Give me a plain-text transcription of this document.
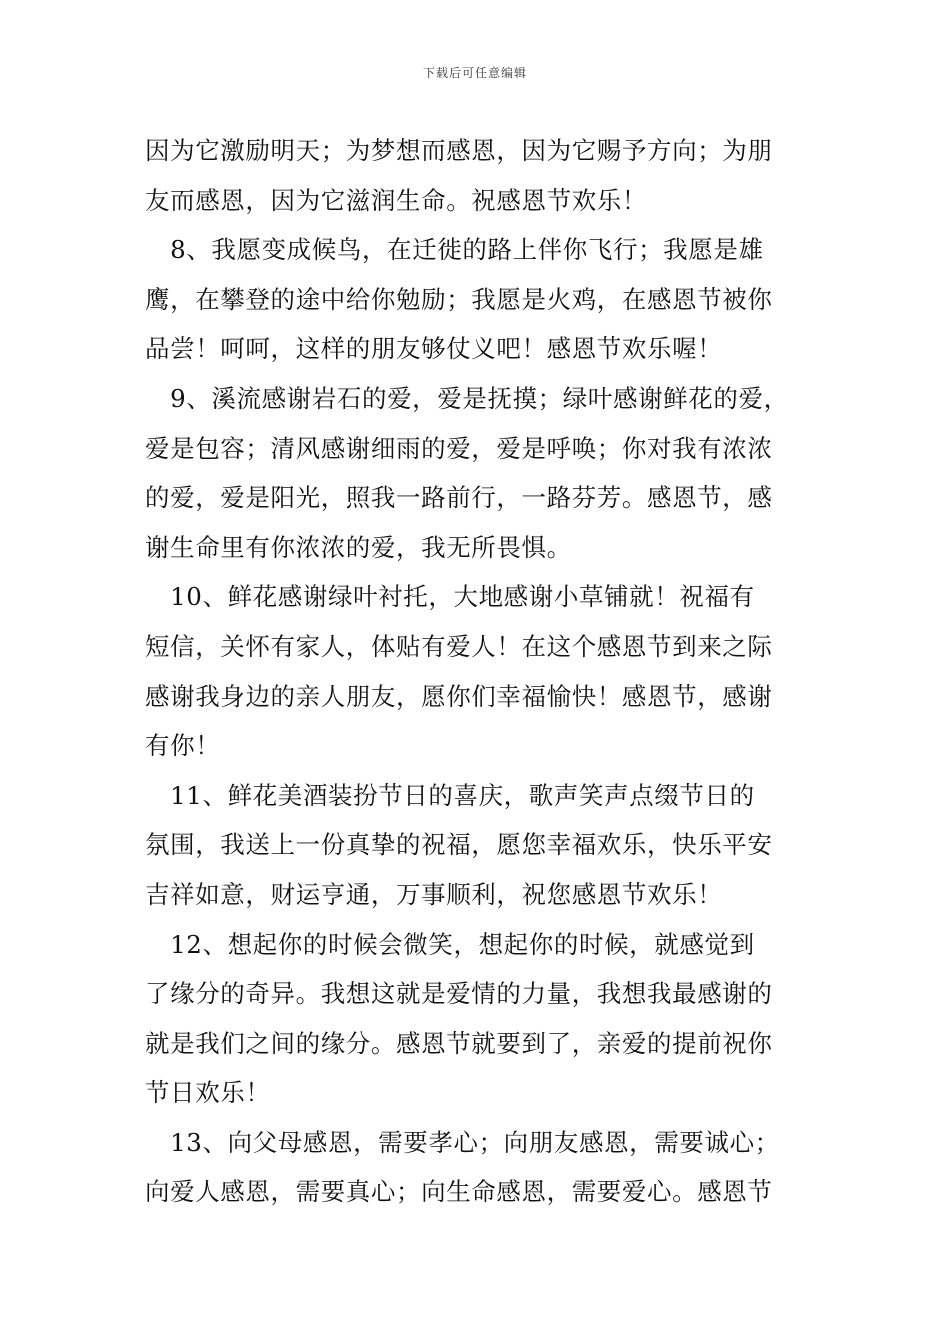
下载后可任意编辑
因为它激励明天；为梦想而感恩，因为它赐予方向；为朋
友而感恩，因为它滋润生命。祝感恩节欢乐！
　8、我愿变成候鸟，在迁徙的路上伴你飞行；我愿是雄
鹰，在攀登的途中给你勉励；我愿是火鸡，在感恩节被你
品尝！呵呵，这样的朋友够仗义吧！感恩节欢乐喔！
　9、溪流感谢岩石的爱，爱是抚摸；绿叶感谢鲜花的爱，
爱是包容；清风感谢细雨的爱，爱是呼唤；你对我有浓浓
的爱，爱是阳光，照我一路前行，一路芬芳。感恩节，感
谢生命里有你浓浓的爱，我无所畏惧。
　10、鲜花感谢绿叶衬托，大地感谢小草铺就！祝福有
短信，关怀有家人，体贴有爱人！在这个感恩节到来之际
感谢我身边的亲人朋友，愿你们幸福愉快！感恩节，感谢
有你！
　11、鲜花美酒装扮节日的喜庆，歌声笑声点缀节日的
氛围，我送上一份真挚的祝福，愿您幸福欢乐，快乐平安
吉祥如意，财运亨通，万事顺利，祝您感恩节欢乐！
　12、想起你的时候会微笑，想起你的时候，就感觉到
了缘分的奇异。我想这就是爱情的力量，我想我最感谢的
就是我们之间的缘分。感恩节就要到了，亲爱的提前祝你
节日欢乐！
　13、向父母感恩，需要孝心；向朋友感恩，需要诚心；
向爱人感恩，需要真心；向生命感恩，需要爱心。感恩节
